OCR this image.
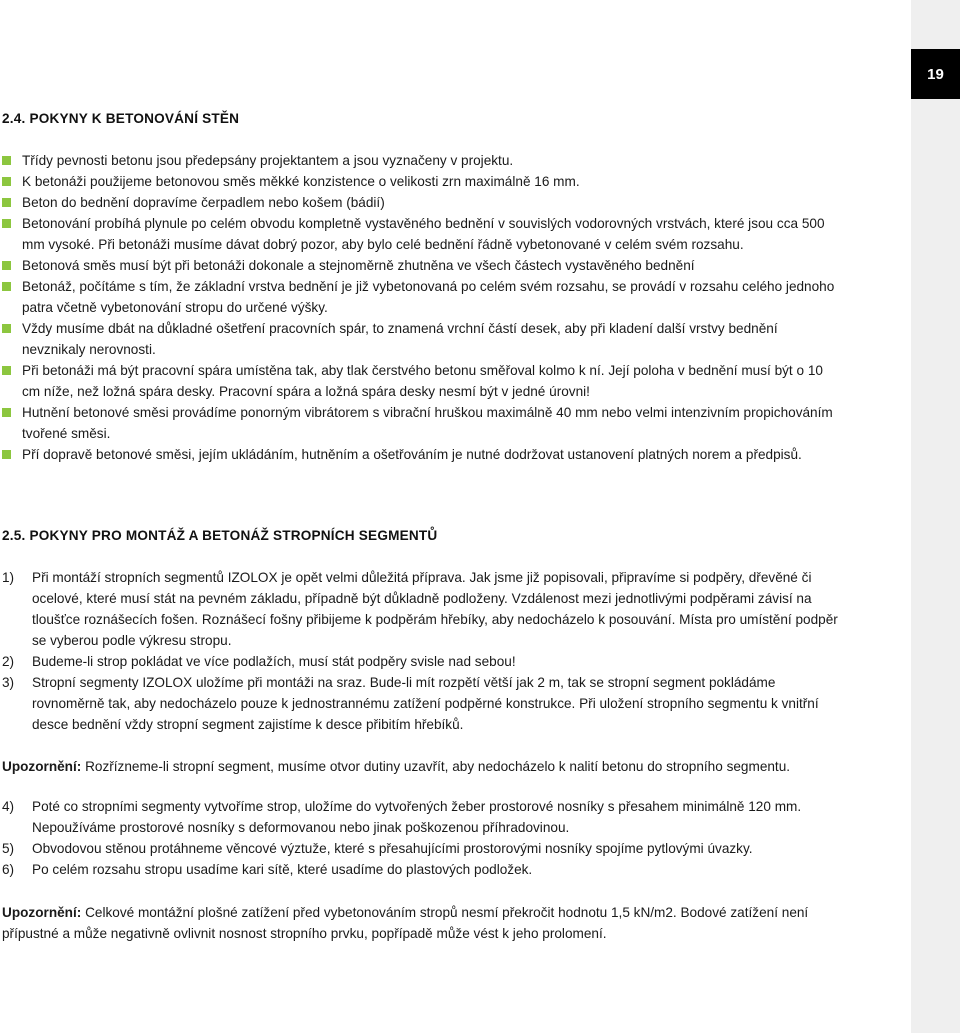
19
2.4. POKYNY K BETONOVÁNÍ STĚN
Třídy pevnosti betonu jsou předepsány projektantem a jsou vyznačeny v projektu.
K betonáži použijeme betonovou směs měkké konzistence o velikosti zrn maximálně 16 mm.
Beton do bednění dopravíme čerpadlem nebo košem (bádií)
Betonování probíhá plynule po celém obvodu kompletně vystavěného bednění v souvislých vodorovných vrstvách, které jsou cca 500 mm vysoké. Při betonáži musíme dávat dobrý pozor, aby bylo celé bednění řádně vybetonované v celém svém rozsahu.
Betonová směs musí být při betonáži dokonale a stejnoměrně zhutněna ve všech částech vystavěného bednění
Betonáž, počítáme s tím, že základní vrstva bednění je již vybetonovaná po celém svém rozsahu, se provádí v rozsahu celého jednoho patra včetně vybetonování stropu do určené výšky.
Vždy musíme dbát na důkladné ošetření pracovních spár, to znamená vrchní částí desek, aby při kladení další vrstvy bednění nevznikaly nerovnosti.
Při betonáži má být pracovní spára umístěna tak, aby tlak čerstvého betonu směřoval kolmo k ní. Její poloha v bednění musí být o 10 cm níže, než ložná spára desky. Pracovní spára a ložná spára desky nesmí být v jedné úrovni!
Hutnění betonové směsi provádíme ponorným vibrátorem s vibrační hruškou maximálně 40 mm nebo velmi intenzivním propichováním tvořené směsi.
Pří dopravě betonové směsi, jejím ukládáním, hutněním a ošetřováním je nutné dodržovat ustanovení platných norem a předpisů.
2.5. POKYNY PRO MONTÁŽ A BETONÁŽ STROPNÍCH SEGMENTŮ
1) Při montáží stropních segmentů IZOLOX je opět velmi důležitá příprava. Jak jsme již popisovali, připravíme si podpěry, dřevěné či ocelové, které musí stát na pevném základu, případně být důkladně podloženy. Vzdálenost mezi jednotlivými podpěrami závisí na tloušťce roznášecích fošen. Roznášecí fošny přibijeme k podpěrám hřebíky, aby nedocházelo k posouvání. Místa pro umístění podpěr se vyberou podle výkresu stropu.
2) Budeme-li strop pokládat ve více podlažích, musí stát podpěry svisle nad sebou!
3) Stropní segmenty IZOLOX uložíme při montáži na sraz. Bude-li mít rozpětí větší jak 2 m, tak se stropní segment pokládáme rovnoměrně tak, aby nedocházelo pouze k jednostrannému zatížení podpěrné konstrukce. Při uložení stropního segmentu k vnitřní desce bednění vždy stropní segment zajistíme k desce přibitím hřebíků.
Upozornění: Rozřízneme-li stropní segment, musíme otvor dutiny uzavřít, aby nedocházelo k nalití betonu do stropního segmentu.
4) Poté co stropními segmenty vytvoříme strop, uložíme do vytvořených žeber prostorové nosníky s přesahem minimálně 120 mm. Nepoužíváme prostorové nosníky s deformovanou nebo jinak poškozenou příhradovinou.
5) Obvodovou stěnou protáhneme věncové výztuže, které s přesahujícími prostorovými nosníky spojíme pytlovými úvazky.
6) Po celém rozsahu stropu usadíme kari sítě, které usadíme do plastových podložek.
Upozornění: Celkové montážní plošné zatížení před vybetonováním stropů nesmí překročit hodnotu 1,5 kN/m2. Bodové zatížení není přípustné a může negativně ovlivnit nosnost stropního prvku, popřípadě může vést k jeho prolomení.
